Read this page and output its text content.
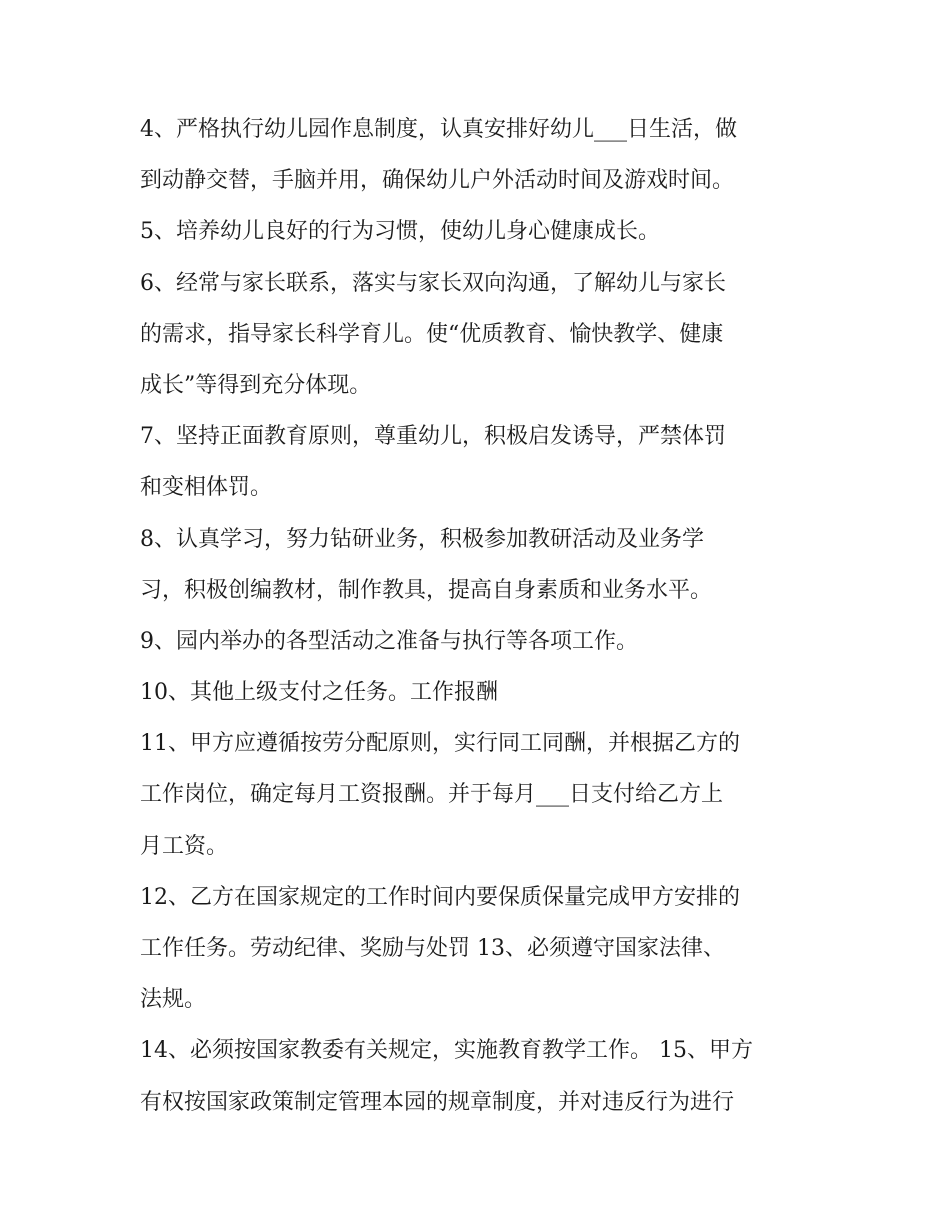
4、严格执行幼儿园作息制度，认真安排好幼儿___日生活，做
到动静交替，手脑并用，确保幼儿户外活动时间及游戏时间。
5、培养幼儿良好的行为习惯，使幼儿身心健康成长。
6、经常与家长联系，落实与家长双向沟通，了解幼儿与家长
的需求，指导家长科学育儿。使“优质教育、愉快教学、健康
成长”等得到充分体现。
7、坚持正面教育原则，尊重幼儿，积极启发诱导，严禁体罚
和变相体罚。
8、认真学习，努力钻研业务，积极参加教研活动及业务学
习，积极创编教材，制作教具，提高自身素质和业务水平。
9、园内举办的各型活动之准备与执行等各项工作。
10、其他上级支付之任务。工作报酬
11、甲方应遵循按劳分配原则，实行同工同酬，并根据乙方的
工作岗位，确定每月工资报酬。并于每月___日支付给乙方上
月工资。
12、乙方在国家规定的工作时间内要保质保量完成甲方安排的
工作任务。劳动纪律、奖励与处罚 13、必须遵守国家法律、
法规。
14、必须按国家教委有关规定，实施教育教学工作。 15、甲方
有权按国家政策制定管理本园的规章制度，并对违反行为进行
